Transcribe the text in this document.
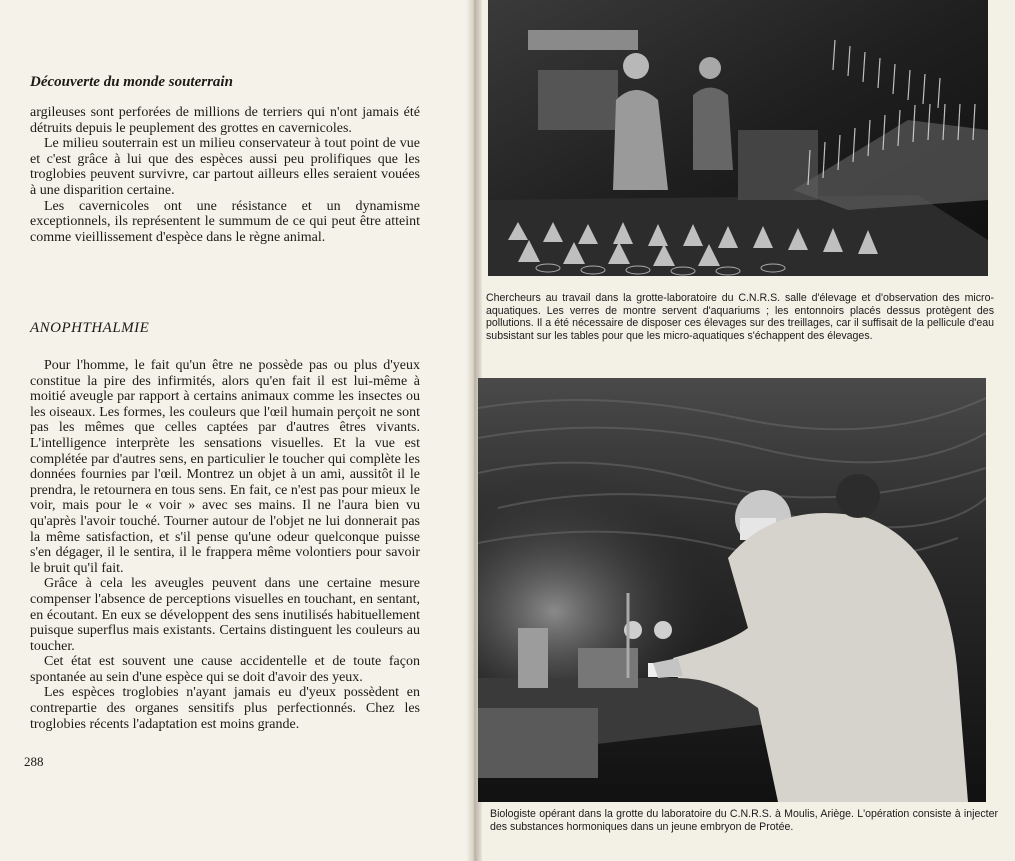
Découverte du monde souterrain

argileuses sont perforées de millions de terriers qui n'ont jamais été détruits depuis le peuplement des grottes en cavernicoles.

Le milieu souterrain est un milieu conservateur à tout point de vue et c'est grâce à lui que des espèces aussi peu prolifiques que les troglobies peuvent survivre, car partout ailleurs elles seraient vouées à une disparition certaine.

Les cavernicoles ont une résistance et un dynamisme exceptionnels, ils représentent le summum de ce qui peut être atteint comme vieillissement d'espèce dans le règne animal.

ANOPHTHALMIE

Pour l'homme, le fait qu'un être ne possède pas ou plus d'yeux constitue la pire des infirmités, alors qu'en fait il est lui-même à moitié aveugle par rapport à certains animaux comme les insectes ou les oiseaux. Les formes, les couleurs que l'œil humain perçoit ne sont pas les mêmes que celles captées par d'autres êtres vivants. L'intelligence interprète les sensations visuelles. Et la vue est complétée par d'autres sens, en particulier le toucher qui complète les données fournies par l'œil. Montrez un objet à un ami, aussitôt il le prendra, le retournera en tous sens. En fait, ce n'est pas pour mieux le voir, mais pour le « voir » avec ses mains. Il ne l'aura bien vu qu'après l'avoir touché. Tourner autour de l'objet ne lui donnerait pas la même satisfaction, et s'il pense qu'une odeur quelconque puisse s'en dégager, il le sentira, il le frappera même volontiers pour savoir le bruit qu'il fait.

Grâce à cela les aveugles peuvent dans une certaine mesure compenser l'absence de perceptions visuelles en touchant, en sentant, en écoutant. En eux se développent des sens inutilisés habituellement puisque superflus mais existants. Certains distinguent les couleurs au toucher.

Cet état est souvent une cause accidentelle et de toute façon spontanée au sein d'une espèce qui se doit d'avoir des yeux.

Les espèces troglobies n'ayant jamais eu d'yeux possèdent en contrepartie des organes sensitifs plus perfectionnés. Chez les troglobies récents l'adaptation est moins grande.

288
Chercheurs au travail dans la grotte-laboratoire du C.N.R.S. salle d'élevage et d'observation des micro-aquatiques. Les verres de montre servent d'aquariums ; les entonnoirs placés dessus protègent des pollutions. Il a été nécessaire de disposer ces élevages sur des treillages, car il suffisait de la pellicule d'eau subsistant sur les tables pour que les micro-aquatiques s'échappent des élevages.
Biologiste opérant dans la grotte du laboratoire du C.N.R.S. à Moulis, Ariège. L'opération consiste à injecter des substances hormoniques dans un jeune embryon de Protée.
